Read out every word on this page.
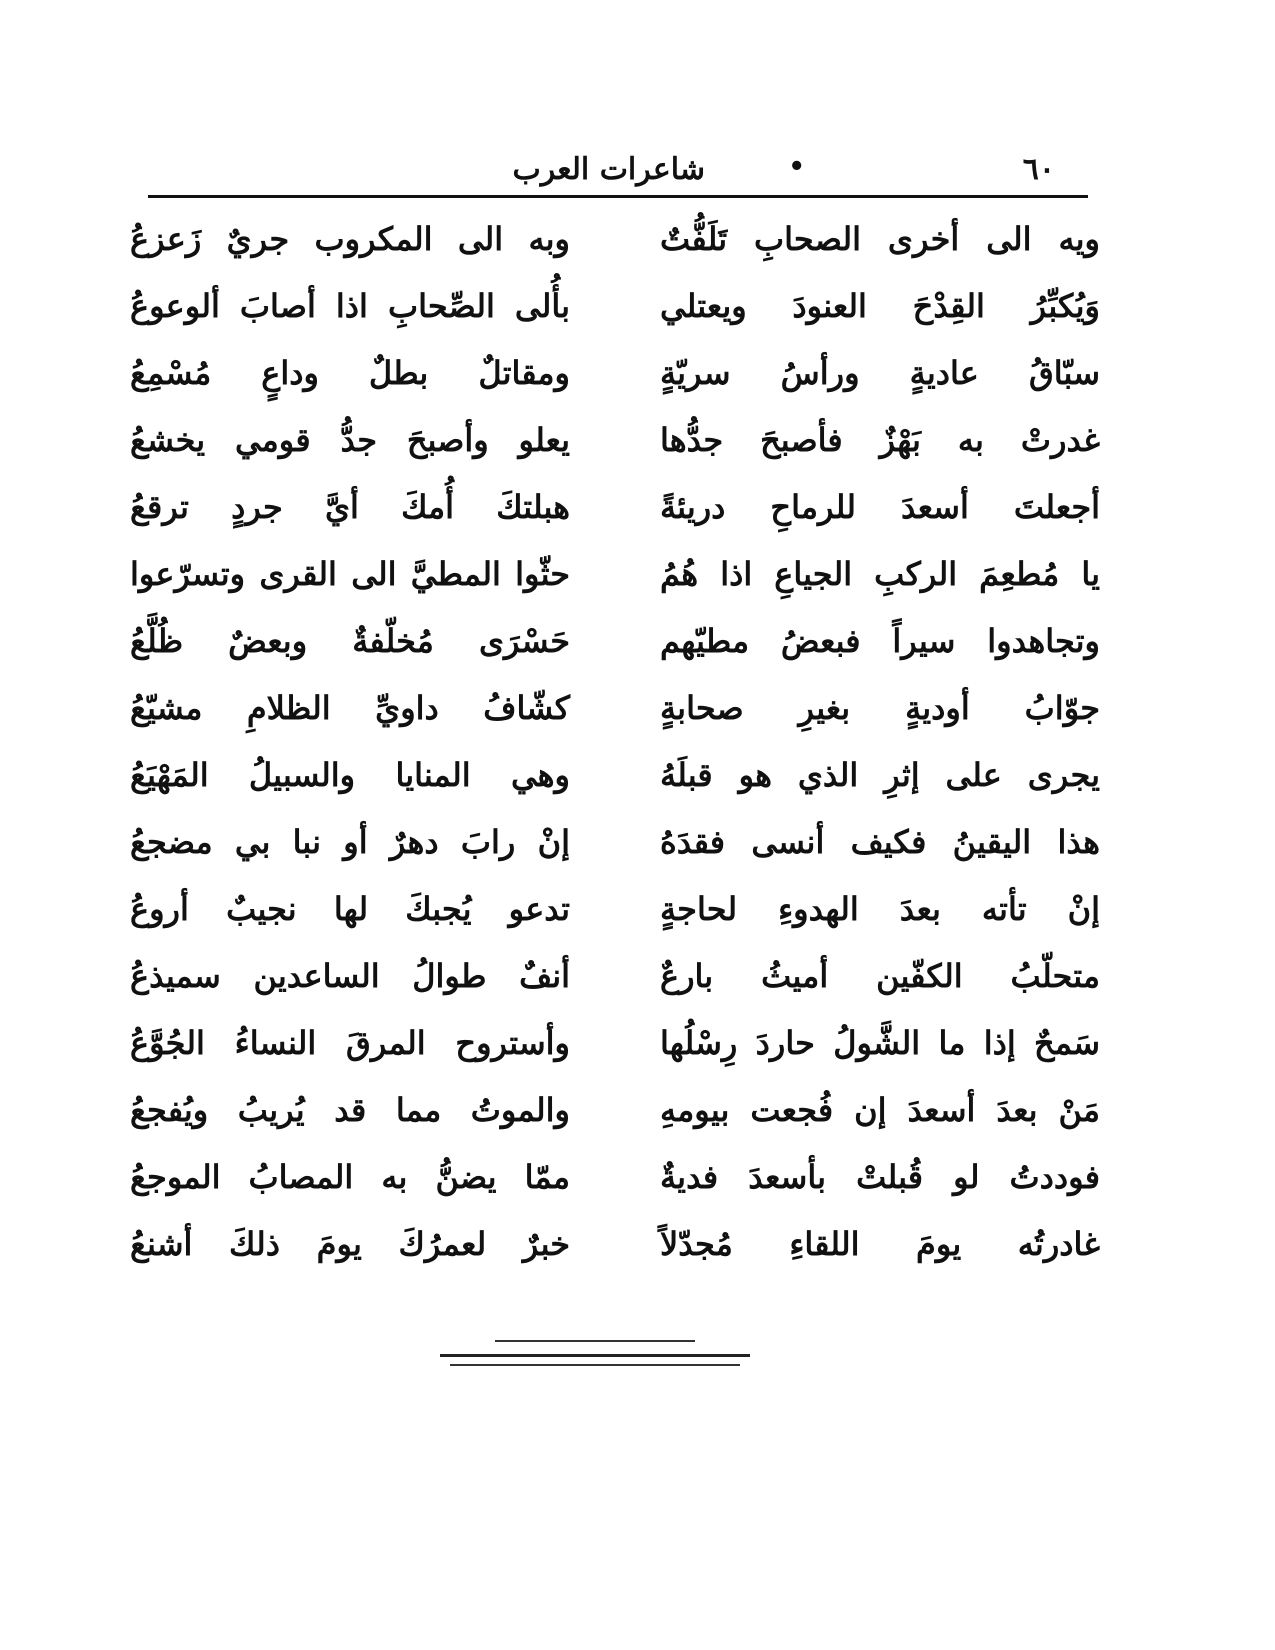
٦٠
•
شاعرات العرب
ويه الى أخرى الصحابِ تَلَفُّتٌ
وبه الى المكروب جريٌ زَعزعُ
وَيُكبِّرُ القِدْحَ العنودَ ويعتلي
بأُلى الصِّحابِ اذا أصابَ ألوعوعُ
سبّاقُ عاديةٍ ورأسُ سريّةٍ
ومقاتلٌ بطلٌ وداعٍ مُسْمِعُ
غدرتْ به بَهْزٌ فأصبحَ جدُّها
يعلو وأصبحَ جدُّ قومي يخشعُ
أجعلتَ أسعدَ للرماحِ دريئةً
هبلتكَ أُمكَ أيَّ جردٍ ترقعُ
يا مُطعِمَ الركبِ الجياعِ اذا هُمُ
حثّوا المطيَّ الى القرى وتسرّعوا
وتجاهدوا سيراً فبعضُ مطيّهم
حَسْرَى مُخلّفةٌ وبعضٌ ظُلَّعُ
جوّابُ أوديةٍ بغيرِ صحابةٍ
كشّافُ داويِّ الظلامِ مشيّعُ
يجرى على إثرِ الذي هو قبلَهُ
وهي المنايا والسبيلُ المَهْيَعُ
هذا اليقينُ فكيف أنسى فقدَهُ
إنْ رابَ دهرٌ أو نبا بي مضجعُ
إنْ تأته بعدَ الهدوءِ لحاجةٍ
تدعو يُجبكَ لها نجيبٌ أروعُ
متحلّبُ الكفّين أميثُ بارعٌ
أنفٌ طوالُ الساعدين سميذعُ
سَمحٌ إذا ما الشَّولُ حاردَ رِسْلُها
وأستروح المرقَ النساءُ الجُوَّعُ
مَنْ بعدَ أسعدَ إن فُجعت بيومهِ
والموتُ مما قد يُريبُ ويُفجعُ
فوددتُ لو قُبلتْ بأسعدَ فديةٌ
ممّا يضنُّ به المصابُ الموجعُ
غادرتُه يومَ اللقاءِ مُجدّلاً
خبرٌ لعمرُكَ يومَ ذلكَ أشنعُ
